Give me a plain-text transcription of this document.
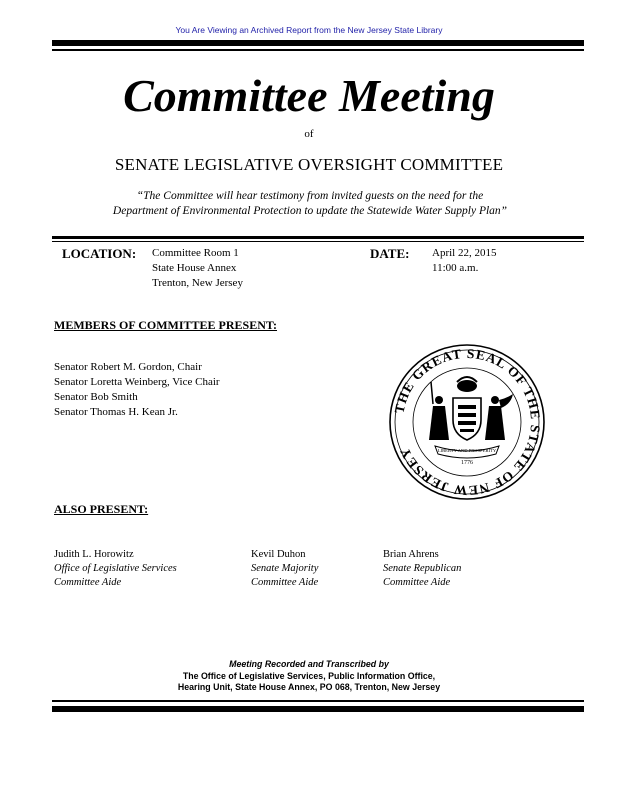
You Are Viewing an Archived Report from the New Jersey State Library
Committee Meeting
of
SENATE LEGISLATIVE OVERSIGHT COMMITTEE
“The Committee will hear testimony from invited guests on the need for the
Department of Environmental Protection to update the Statewide Water Supply Plan”
LOCATION: Committee Room 1
State House Annex
Trenton, New Jersey
DATE: April 22, 2015
11:00 a.m.
MEMBERS OF COMMITTEE PRESENT:
Senator Robert M. Gordon, Chair
Senator Loretta Weinberg, Vice Chair
Senator Bob Smith
Senator Thomas H. Kean Jr.	THE GREAT SEAL OF THE STATE OF NEW JERSEY	LIBERTY AND PROSPERITY
1776
ALSO PRESENT:
Judith L. Horowitz
Office of Legislative Services
Committee Aide
Kevil Duhon
Senate Majority
Committee Aide
Brian Ahrens
Senate Republican
Committee Aide
Meeting Recorded and Transcribed by
The Office of Legislative Services, Public Information Office,
Hearing Unit, State House Annex, PO 068, Trenton, New Jersey
